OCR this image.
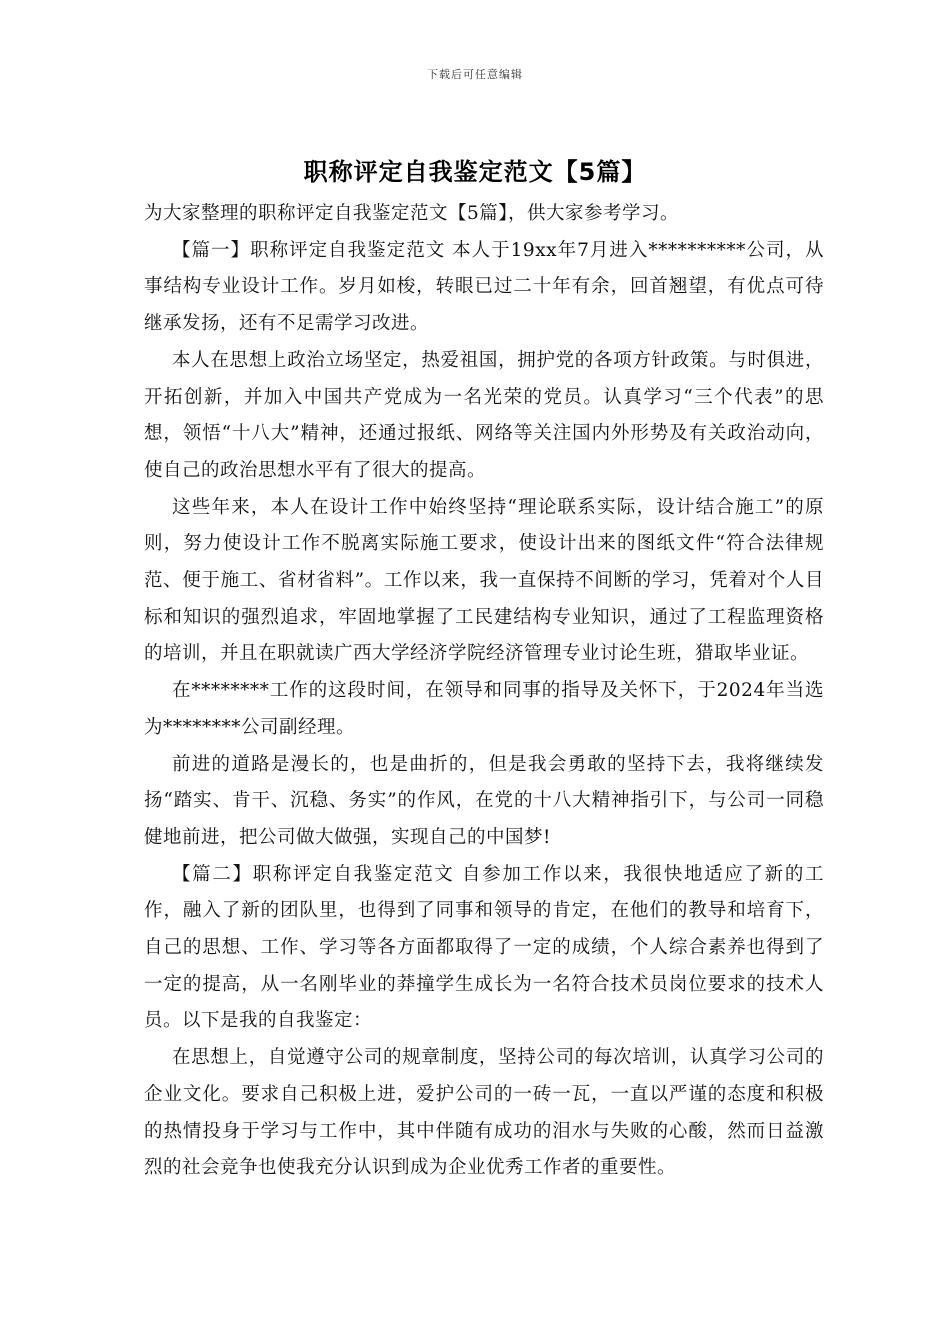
下载后可任意编辑
职称评定自我鉴定范文【5篇】

为大家整理的职称评定自我鉴定范文【5篇】，供大家参考学习。

【篇一】职称评定自我鉴定范文 本人于19xx年7月进入**********公司，从事结构专业设计工作。岁月如梭，转眼已过二十年有余，回首翘望，有优点可待继承发扬，还有不足需学习改进。

本人在思想上政治立场坚定，热爱祖国，拥护党的各项方针政策。与时俱进，开拓创新，并加入中国共产党成为一名光荣的党员。认真学习“三个代表”的思想，领悟“十八大”精神，还通过报纸、网络等关注国内外形势及有关政治动向，使自己的政治思想水平有了很大的提高。

这些年来，本人在设计工作中始终坚持“理论联系实际，设计结合施工”的原则，努力使设计工作不脱离实际施工要求，使设计出来的图纸文件“符合法律规范、便于施工、省材省料”。工作以来，我一直保持不间断的学习，凭着对个人目标和知识的强烈追求，牢固地掌握了工民建结构专业知识，通过了工程监理资格的培训，并且在职就读广西大学经济学院经济管理专业讨论生班，猎取毕业证。

在********工作的这段时间，在领导和同事的指导及关怀下，于2024年当选为********公司副经理。

前进的道路是漫长的，也是曲折的，但是我会勇敢的坚持下去，我将继续发扬“踏实、肯干、沉稳、务实”的作风，在党的十八大精神指引下，与公司一同稳健地前进，把公司做大做强，实现自己的中国梦!

【篇二】职称评定自我鉴定范文 自参加工作以来，我很快地适应了新的工作，融入了新的团队里，也得到了同事和领导的肯定，在他们的教导和培育下，自己的思想、工作、学习等各方面都取得了一定的成绩，个人综合素养也得到了一定的提高，从一名刚毕业的莽撞学生成长为一名符合技术员岗位要求的技术人员。以下是我的自我鉴定：

在思想上，自觉遵守公司的规章制度，坚持公司的每次培训，认真学习公司的企业文化。要求自己积极上进，爱护公司的一砖一瓦，一直以严谨的态度和积极的热情投身于学习与工作中，其中伴随有成功的泪水与失败的心酸，然而日益激烈的社会竞争也使我充分认识到成为企业优秀工作者的重要性。
